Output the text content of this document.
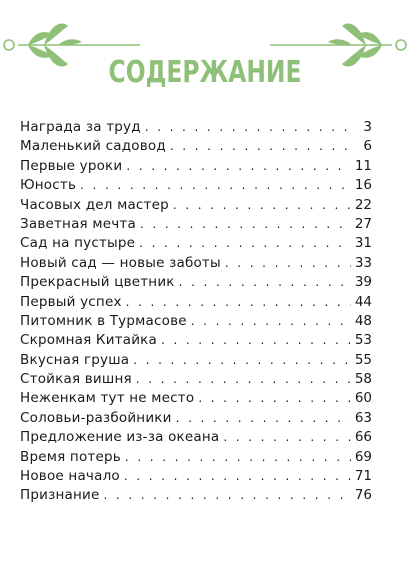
СОДЕРЖАНИЕ
Награда за труд . . .	3
Маленький садовод . . .	6
Первые уроки . . .	11
Юность . . .	16
Часовых дел мастер . . .	22
Заветная мечта . . .	27
Сад на пустыре . . .	31
Новый сад — новые заботы . . .	33
Прекрасный цветник . . .	39
Первый успех . . .	44
Питомник в Турмасове . . .	48
Скромная Китайка . . .	53
Вкусная груша . . .	55
Стойкая вишня . . .	58
Неженкам тут не место . . .	60
Соловьи-разбойники . . .	63
Предложение из-за океана . . .	66
Время потерь . . .	69
Новое начало . . .	71
Признание . . .	76
